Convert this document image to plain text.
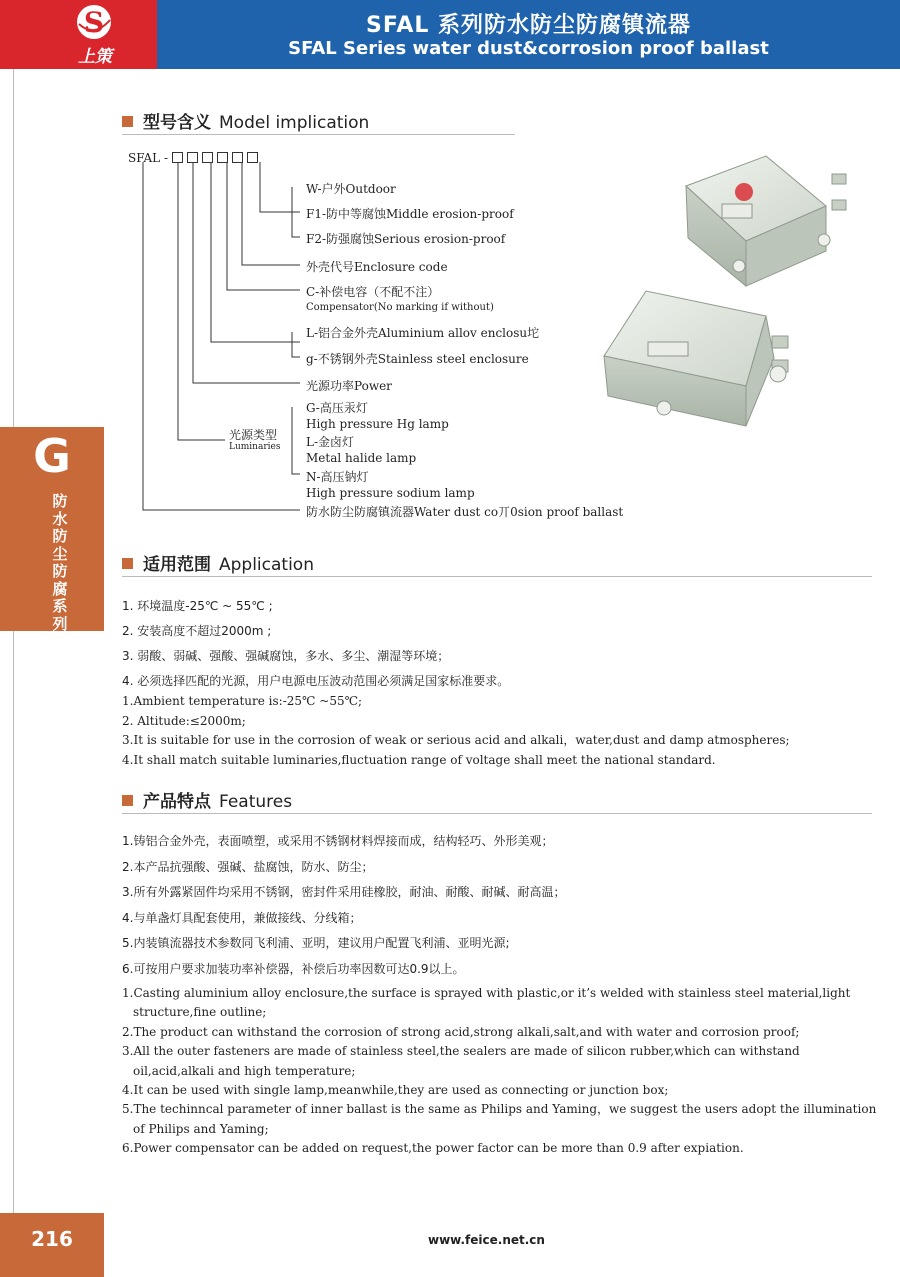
S
上策
SFAL 系列防水防尘防腐镇流器
SFAL Series water dust&corrosion proof ballast
G
防水防尘防腐系列
型号含义 Model implication
SFAL -
W-户外Outdoor
F1-防中等腐蚀Middle erosion-proof
F2-防强腐蚀Serious erosion-proof
外壳代号Enclosure code
C-补偿电容（不配不注）
Compensator(No marking if without)
L-铝合金外壳Aluminium allov enclosu坨
g-不锈钢外壳Stainless steel enclosure
光源功率Power
G-高压汞灯
High pressure Hg lamp
L-金卤灯
Metal halide lamp
N-高压钠灯
High pressure sodium lamp
防水防尘防腐镇流器Water dust co丌0sion proof ballast
光源类型
Luminaries
适用范围 Application
1. 环境温度-25℃ ~ 55℃ ;
2. 安装高度不超过2000m ;
3. 弱酸、弱碱、强酸、强碱腐蚀，多水、多尘、潮湿等环境；
4. 必须选择匹配的光源，用户电源电压波动范围必须满足国家标准要求。
1.Ambient temperature is:-25℃ ~55℃;
2. Altitude:≤2000m;
3.It is suitable for use in the corrosion of weak or serious acid and alkali，water,dust and damp atmospheres;
4.It shall match suitable luminaries,fluctuation range of voltage shall meet the national standard.
产品特点 Features
1.铸铝合金外壳，表面喷塑，或采用不锈钢材料焊接而成，结构轻巧、外形美观；
2.本产品抗强酸、强碱、盐腐蚀，防水、防尘；
3.所有外露紧固件均采用不锈钢，密封件采用硅橡胶，耐油、耐酸、耐碱、耐高温；
4.与单盏灯具配套使用，兼做接线、分线箱；
5.内装镇流器技术参数同飞利浦、亚明，建议用户配置飞利浦、亚明光源;
6.可按用户要求加装功率补偿器，补偿后功率因数可达0.9以上。
1.Casting aluminium alloy enclosure,the surface is sprayed with plastic,or it’s welded with stainless steel material,light structure,fine outline;
2.The product can withstand the corrosion of strong acid,strong alkali,salt,and with water and corrosion proof;
3.All the outer fasteners are made of stainless steel,the sealers are made of silicon rubber,which can withstand oil,acid,alkali and high temperature;
4.It can be used with single lamp,meanwhile,they are used as connecting or junction box;
5.The techinncal parameter of inner ballast is the same as Philips and Yaming，we suggest the users adopt the illumination of Philips and Yaming;
6.Power compensator can be added on request,the power factor can be more than 0.9 after expiation.
216	www.feice.net.cn
